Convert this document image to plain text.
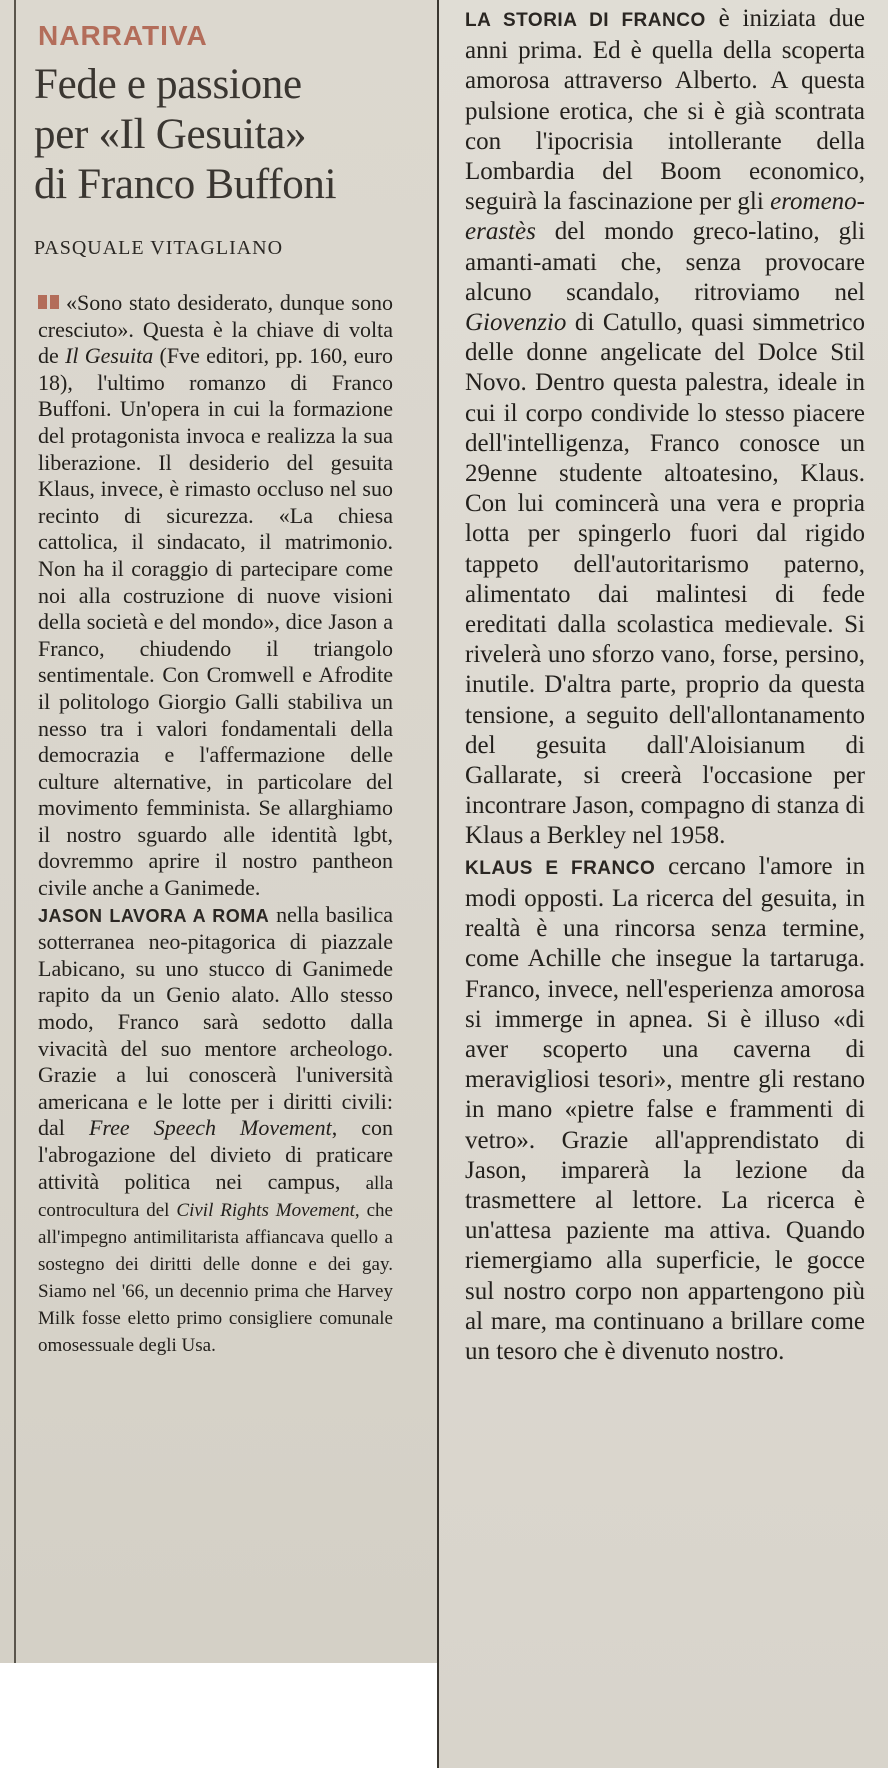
NARRATIVA
Fede e passione
per «Il Gesuita»
di Franco Buffoni
PASQUALE VITAGLIANO

«Sono stato desiderato, dunque sono cresciuto». Questa è la chiave di volta de Il Gesuita (Fve editori, pp. 160, euro 18), l'ultimo romanzo di Franco Buffoni. Un'opera in cui la formazione del protagonista invoca e realizza la sua liberazione. Il desiderio del gesuita Klaus, invece, è rimasto occluso nel suo recinto di sicurezza. «La chiesa cattolica, il sindacato, il matrimonio. Non ha il coraggio di partecipare come noi alla costruzione di nuove visioni della società e del mondo», dice Jason a Franco, chiudendo il triangolo sentimentale. Con Cromwell e Afrodite il politologo Giorgio Galli stabiliva un nesso tra i valori fondamentali della democrazia e l'affermazione delle culture alternative, in particolare del movimento femminista. Se allarghiamo il nostro sguardo alle identità lgbt, dovremmo aprire il nostro pantheon civile anche a Ganimede.

JASON LAVORA A ROMA nella basilica sotterranea neo-pitagorica di piazzale Labicano, su uno stucco di Ganimede rapito da un Genio alato. Allo stesso modo, Franco sarà sedotto dalla vivacità del suo mentore archeologo. Grazie a lui conoscerà l'università americana e le lotte per i diritti civili: dal Free Speech Movement, con l'abrogazione del divieto di praticare attività politica nei campus, alla controcultura del Civil Rights Movement, che all'impegno antimilitarista affiancava quello a sostegno dei diritti delle donne e dei gay. Siamo nel '66, un decennio prima che Harvey Milk fosse eletto primo consigliere comunale omosessuale degli Usa.

LA STORIA DI FRANCO è iniziata due anni prima. Ed è quella della scoperta amorosa attraverso Alberto. A questa pulsione erotica, che si è già scontrata con l'ipocrisia intollerante della Lombardia del Boom economico, seguirà la fascinazione per gli eromeno-erastès del mondo greco-latino, gli amanti-amati che, senza provocare alcuno scandalo, ritroviamo nel Giovenzio di Catullo, quasi simmetrico delle donne angelicate del Dolce Stil Novo. Dentro questa palestra, ideale in cui il corpo condivide lo stesso piacere dell'intelligenza, Franco conosce un 29enne studente altoatesino, Klaus. Con lui comincerà una vera e propria lotta per spingerlo fuori dal rigido tappeto dell'autoritarismo paterno, alimentato dai malintesi di fede ereditati dalla scolastica medievale. Si rivelerà uno sforzo vano, forse, persino, inutile. D'altra parte, proprio da questa tensione, a seguito dell'allontanamento del gesuita dall'Aloisianum di Gallarate, si creerà l'occasione per incontrare Jason, compagno di stanza di Klaus a Berkley nel 1958.

KLAUS E FRANCO cercano l'amore in modi opposti. La ricerca del gesuita, in realtà è una rincorsa senza termine, come Achille che insegue la tartaruga. Franco, invece, nell'esperienza amorosa si immerge in apnea. Si è illuso «di aver scoperto una caverna di meravigliosi tesori», mentre gli restano in mano «pietre false e frammenti di vetro». Grazie all'apprendistato di Jason, imparerà la lezione da trasmettere al lettore. La ricerca è un'attesa paziente ma attiva. Quando riemergiamo alla superficie, le gocce sul nostro corpo non appartengono più al mare, ma continuano a brillare come un tesoro che è divenuto nostro.
